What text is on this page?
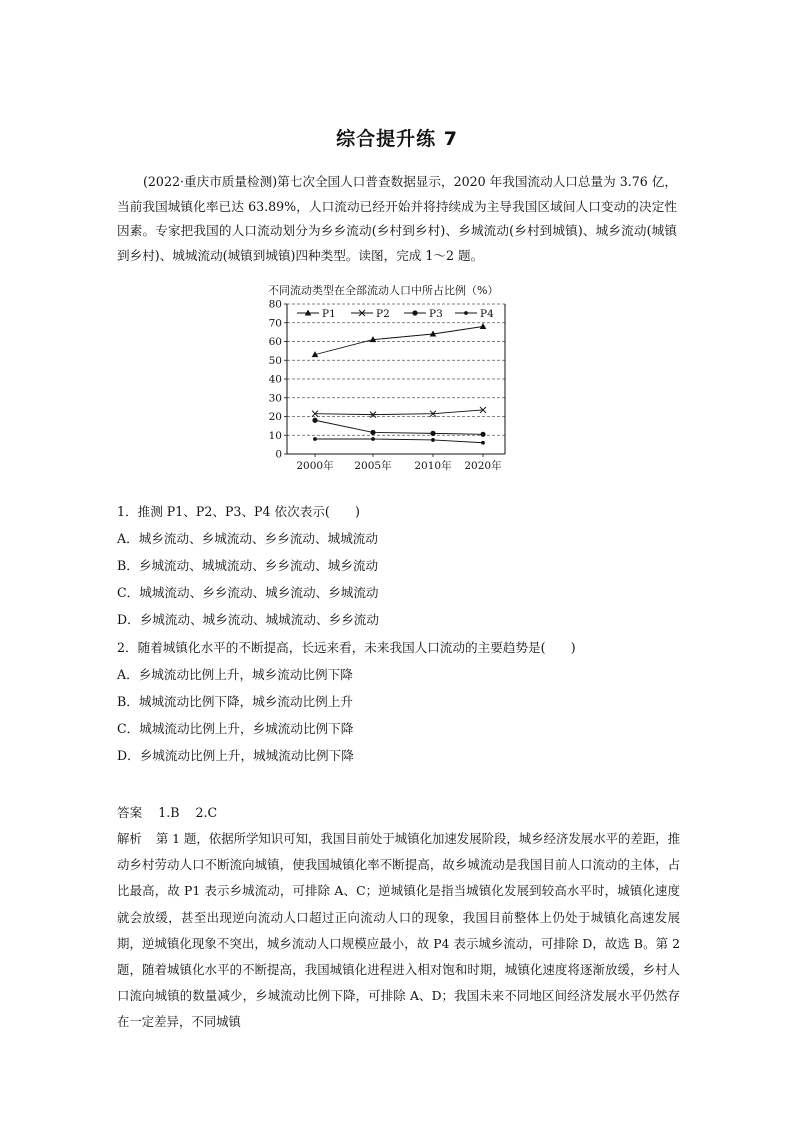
综合提升练 7
(2022·重庆市质量检测)第七次全国人口普查数据显示，2020 年我国流动人口总量为 3.76 亿，当前我国城镇化率已达 63.89%，人口流动已经开始并将持续成为主导我国区域间人口变动的决定性因素。专家把我国的人口流动划分为乡乡流动(乡村到乡村)、乡城流动(乡村到城镇)、城乡流动(城镇到乡村)、城城流动(城镇到城镇)四种类型。读图，完成 1～2 题。
不同流动类型在全部流动人口中所占比例（%）
0
10
20
30
40
50
60
70
80
2000年 2005年 2010年 2020年
P1	P2	P3	P4
1．推测 P1、P2、P3、P4 依次表示(　　)
A．城乡流动、乡城流动、乡乡流动、城城流动
B．乡城流动、城城流动、乡乡流动、城乡流动
C．城城流动、乡乡流动、城乡流动、乡城流动
D．乡城流动、城乡流动、城城流动、乡乡流动
2．随着城镇化水平的不断提高，长远来看，未来我国人口流动的主要趋势是(　　)
A．乡城流动比例上升，城乡流动比例下降
B．城城流动比例下降，城乡流动比例上升
C．城城流动比例上升，乡城流动比例下降
D．乡城流动比例上升，城城流动比例下降
答案 1.B 2.C
解析 第 1 题，依据所学知识可知，我国目前处于城镇化加速发展阶段，城乡经济发展水平的差距，推动乡村劳动人口不断流向城镇，使我国城镇化率不断提高，故乡城流动是我国目前人口流动的主体，占比最高，故 P1 表示乡城流动，可排除 A、C；逆城镇化是指当城镇化发展到较高水平时，城镇化速度就会放缓，甚至出现逆向流动人口超过正向流动人口的现象，我国目前整体上仍处于城镇化高速发展期，逆城镇化现象不突出，城乡流动人口规模应最小，故 P4 表示城乡流动，可排除 D，故选 B。第 2 题，随着城镇化水平的不断提高，我国城镇化进程进入相对饱和时期，城镇化速度将逐渐放缓，乡村人口流向城镇的数量减少，乡城流动比例下降，可排除 A、D；我国未来不同地区间经济发展水平仍然存在一定差异，不同城镇
